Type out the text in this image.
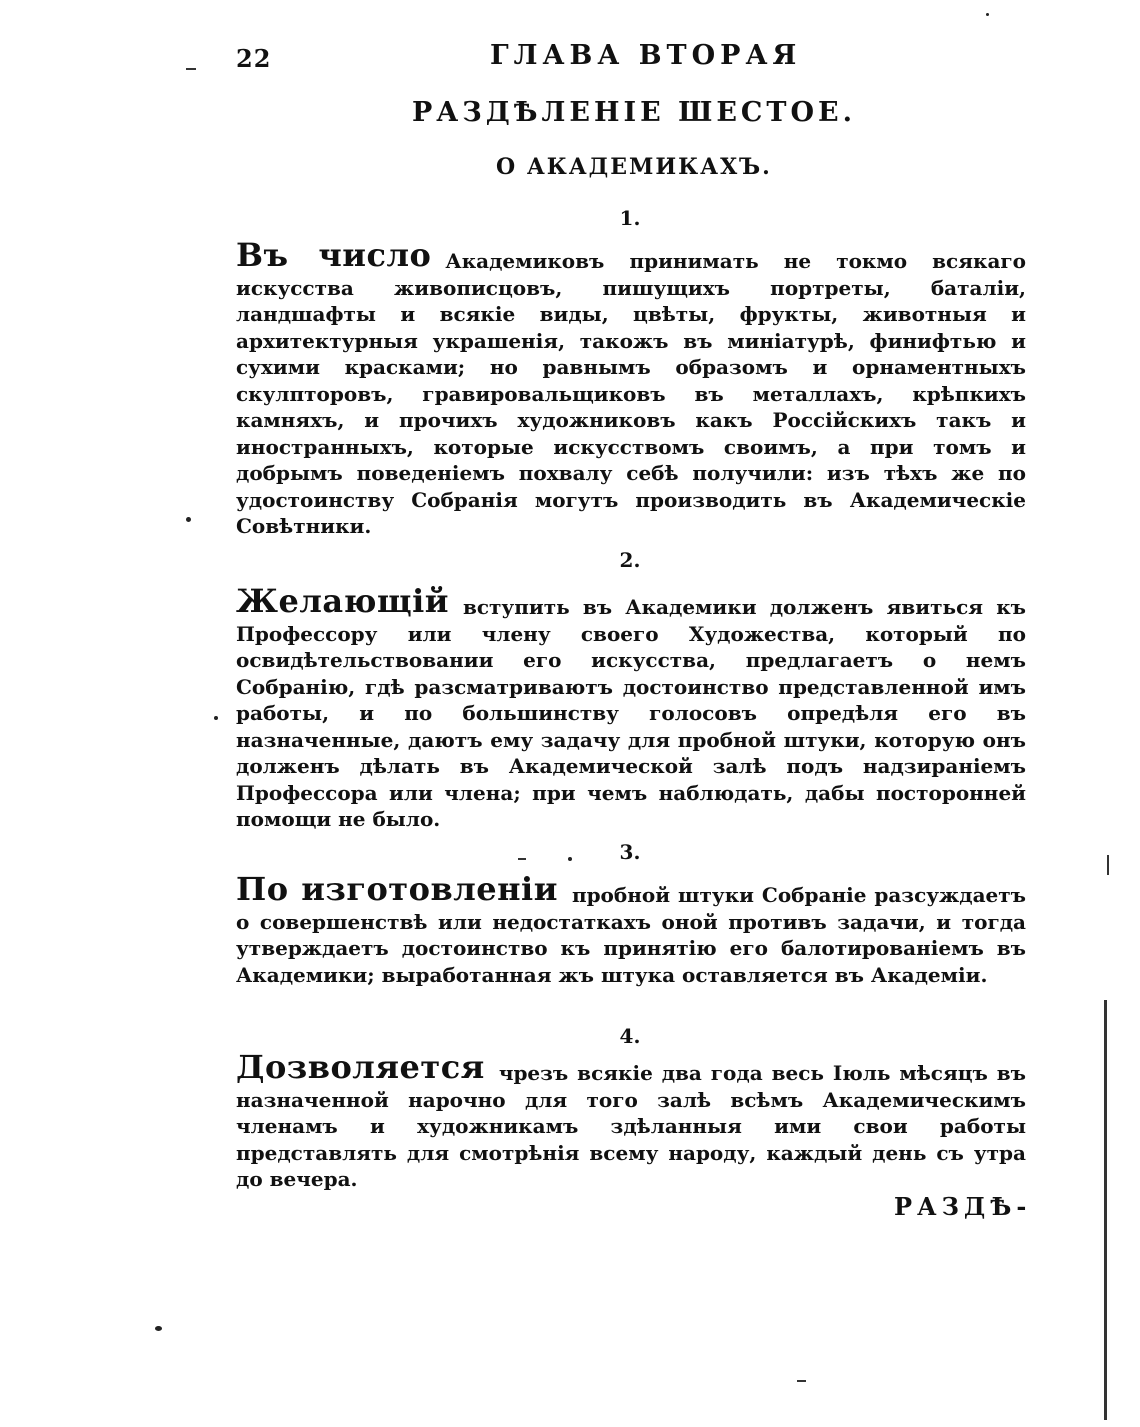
22	ГЛАВА ВТОРАЯ
РАЗДѢЛЕНІЕ ШЕСТОЕ.
О АКАДЕМИКАХЪ.
1.
Въ число Академиковъ принимать не токмо всякаго искусства живописцовъ, пишущихъ портреты, баталіи, ландшафты и всякіе виды, цвѣты, фрукты, животныя и архитектурныя украшенія, такожъ въ миніатурѣ, финифтью и сухими красками; но равнымъ образомъ и орнаментныхъ скулпторовъ, гравировальщиковъ въ металлахъ, крѣпкихъ камняхъ, и прочихъ художниковъ какъ Россійскихъ такъ и иностранныхъ, которые искусствомъ своимъ, а при томъ и добрымъ поведеніемъ похвалу себѣ получили: изъ тѣхъ же по удостоинству Собранія могутъ производить въ Академическіе Совѣтники.
2.
Желающій вступить въ Академики долженъ явиться къ Профессору или члену своего Художества, который по освидѣтельствовании его искусства, предлагаетъ о немъ Собранію, гдѣ разсматриваютъ достоинство представленной имъ работы, и по большинству голосовъ опредѣля его въ назначенные, даютъ ему задачу для пробной штуки, которую онъ долженъ дѣлать въ Академической залѣ подъ надзираніемъ Профессора или члена; при чемъ наблюдать, дабы посторонней помощи не было.
3.
По изготовленіи пробной штуки Собраніе разсуждаетъ о совершенствѣ или недостаткахъ оной противъ задачи, и тогда утверждаетъ достоинство къ принятію его балотированіемъ въ Академики; выработанная жъ штука оставляется въ Академіи.
4.
Дозволяется чрезъ всякіе два года весь Іюль мѣсяцъ въ назначенной нарочно для того залѣ всѣмъ Академическимъ членамъ и художникамъ здѣланныя ими свои работы представлять для смотрѣнія всему народу, каждый день съ утра до вечера.
РАЗДѢ-
